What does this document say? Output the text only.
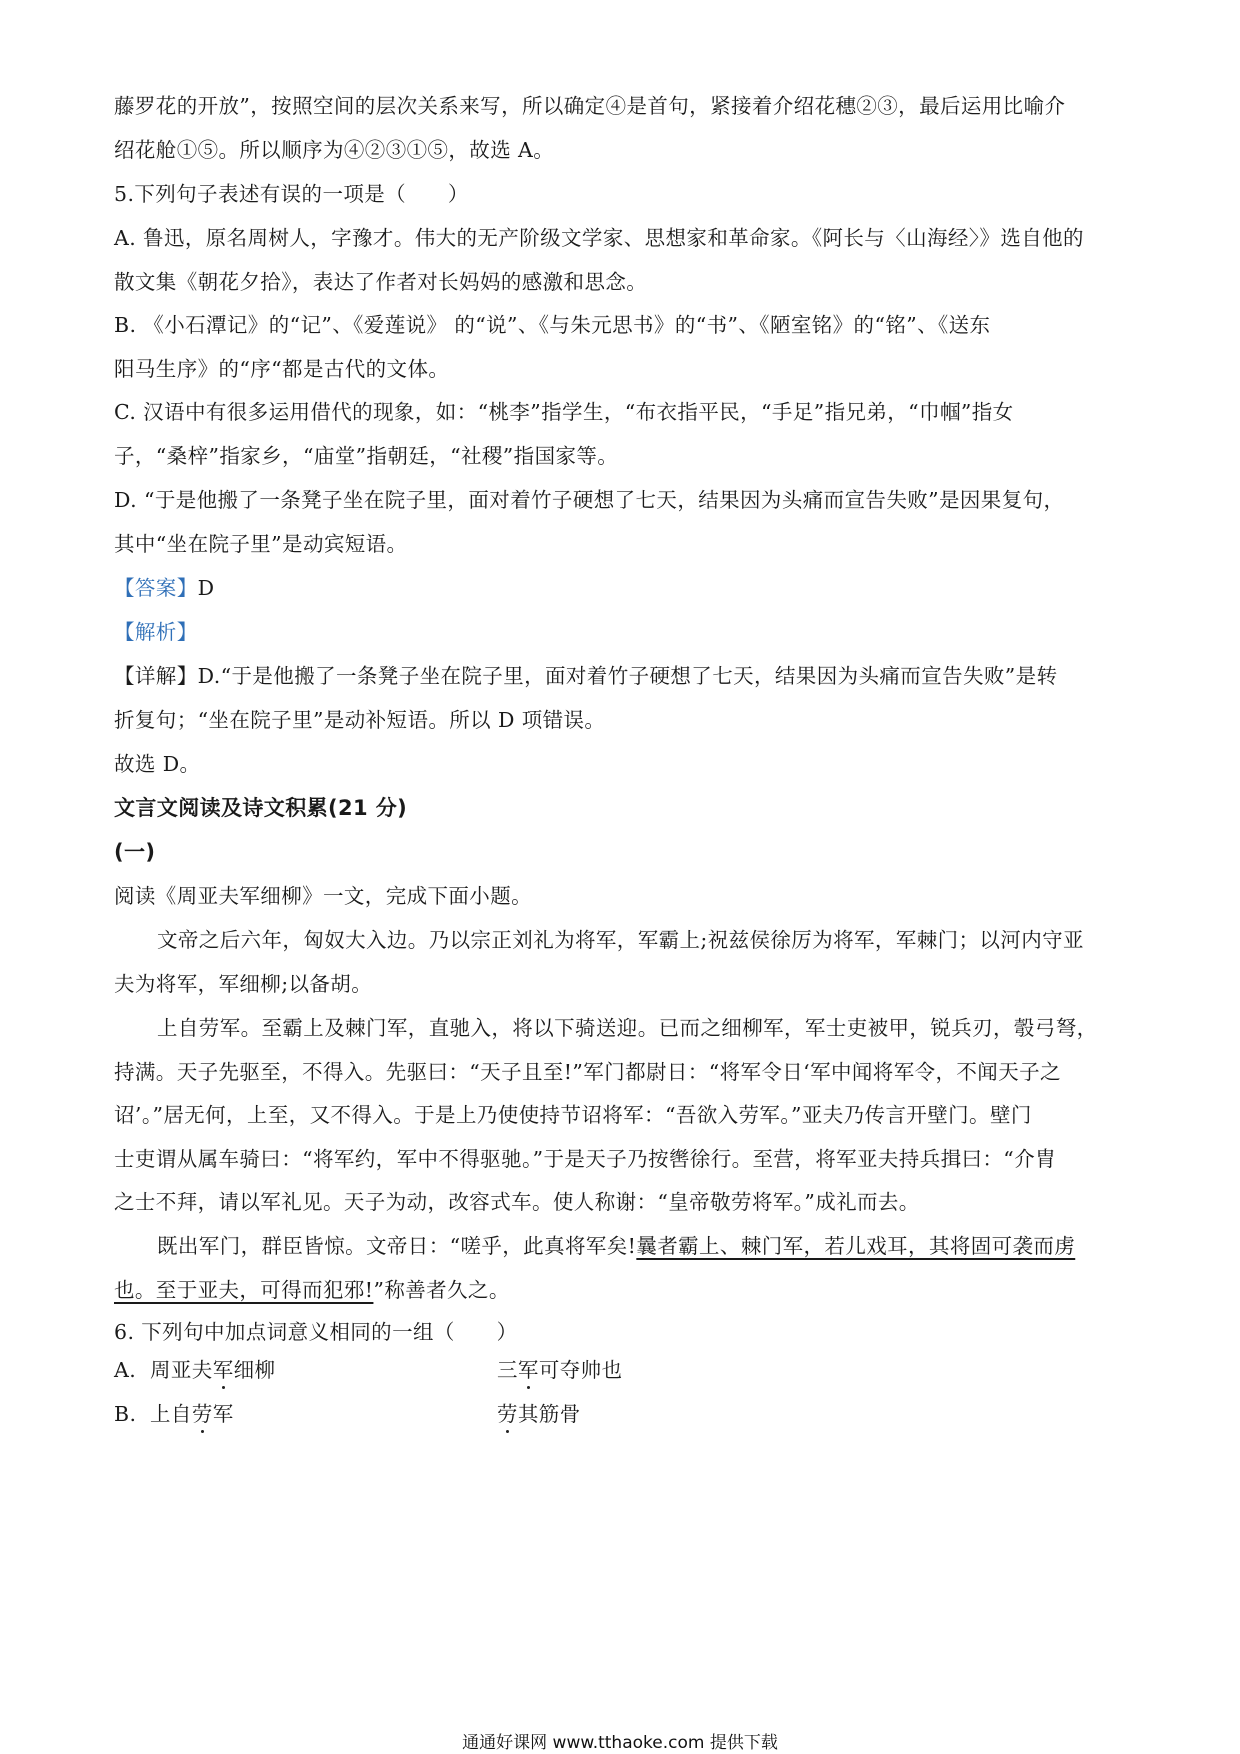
藤罗花的开放”，按照空间的层次关系来写，所以确定④是首句，紧接着介绍花穗②③，最后运用比喻介
绍花舱①⑤。所以顺序为④②③①⑤，故选 A。
5.下列句子表述有误的一项是（　　）
A. 鲁迅，原名周树人，字豫才。伟大的无产阶级文学家、思想家和革命家。《阿长与〈山海经〉》选自他的
散文集《朝花夕拾》，表达了作者对长妈妈的感激和思念。
B. 《小石潭记》的“记”、《爱莲说》 的“说”、《与朱元思书》的“书”、《陋室铭》的“铭”、《送东
阳马生序》的“序“都是古代的文体。
C. 汉语中有很多运用借代的现象，如：“桃李”指学生，“布衣指平民，“手足”指兄弟，“巾帼”指女
子，“桑梓”指家乡，“庙堂”指朝廷，“社稷”指国家等。
D. “于是他搬了一条凳子坐在院子里，面对着竹子硬想了七天，结果因为头痛而宣告失败”是因果复句，
其中“坐在院子里”是动宾短语。
【答案】D
【解析】
【详解】D.“于是他搬了一条凳子坐在院子里，面对着竹子硬想了七天，结果因为头痛而宣告失败”是转
折复句；“坐在院子里”是动补短语。所以 D 项错误。
故选 D。
文言文阅读及诗文积累(21 分)
(一)
阅读《周亚夫军细柳》一文，完成下面小题。
文帝之后六年，匈奴大入边。乃以宗正刘礼为将军，军霸上;祝兹侯徐厉为将军，军棘门；以河内守亚
夫为将军，军细柳;以备胡。
上自劳军。至霸上及棘门军，直驰入，将以下骑送迎。已而之细柳军，军士吏被甲，锐兵刃，彀弓弩，
持满。天子先驱至，不得入。先驱曰：“天子且至!”军门都尉日：“将军令日‘军中闻将军令，不闻天子之
诏’。”居无何，上至，又不得入。于是上乃使使持节诏将军：“吾欲入劳军。”亚夫乃传言开壁门。壁门
士吏谓从属车骑曰：“将军约，军中不得驱驰。”于是天子乃按辔徐行。至营，将军亚夫持兵揖曰：“介胄
之士不拜，请以军礼见。天子为动，改容式车。使人称谢：“皇帝敬劳将军。”成礼而去。
既出军门，群臣皆惊。文帝日：“嗟乎，此真将军矣!曩者霸上、棘门军，若儿戏耳，其将固可袭而虏
也。至于亚夫，可得而犯邪!”称善者久之。
6. 下列句中加点词意义相同的一组（　　）
A. 周亚夫军细柳	三军可夺帅也
B. 上自劳军	劳其筋骨
通通好课网 www.tthaoke.com 提供下载
